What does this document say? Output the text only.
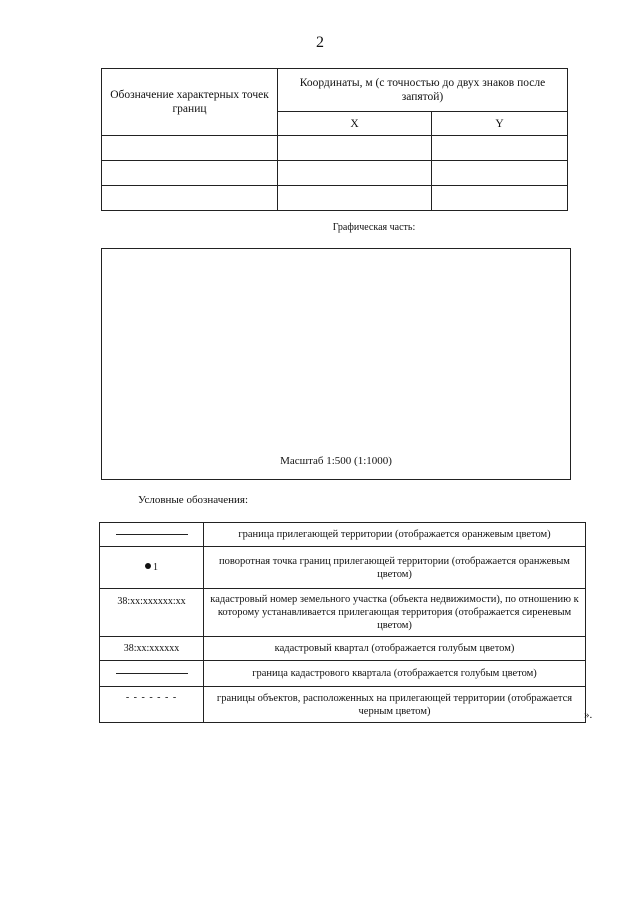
2
Обозначение характерных точек границ	Координаты, м (с точностью до двух знаков после запятой)	
	X	Y

Графическая часть:
Масштаб 1:500 (1:1000)
Условные обозначения:
	граница прилегающей территории (отображается оранжевым цветом)
1	поворотная точка границ прилегающей территории (отображается оранжевым цветом)
38:хх:хххххх:хх	кадастровый номер земельного участка (объекта недвижимости), по отношению к которому устанавливается прилегающая территория (отображается сиреневым цветом)
38:хх:хххххх	кадастровый квартал (отображается голубым цветом)
	граница кадастрового квартала (отображается голубым цветом)
- - - - - - -	границы объектов, расположенных на прилегающей территории (отображается черным цветом)	».
